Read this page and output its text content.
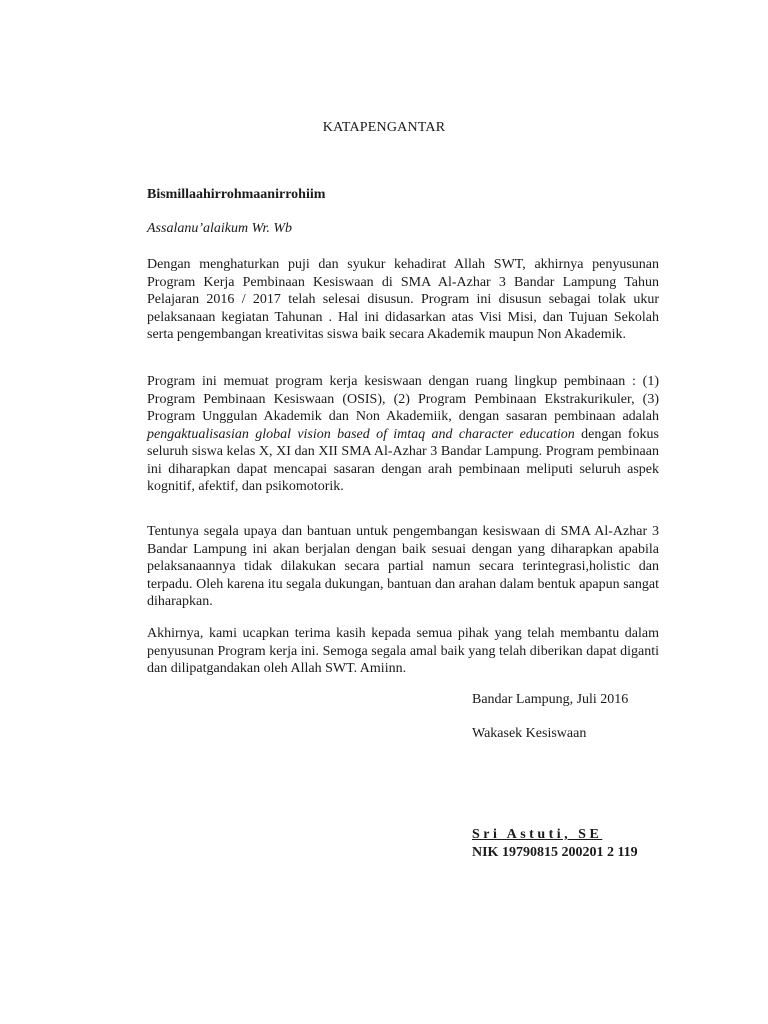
KATAPENGANTAR
Bismillaahirrohmaanirrohiim
Assalanu’alaikum Wr. Wb

Dengan menghaturkan puji dan syukur kehadirat Allah SWT, akhirnya penyusunan Program Kerja Pembinaan Kesiswaan di SMA Al-Azhar 3 Bandar Lampung Tahun Pelajaran 2016 / 2017 telah selesai disusun. Program ini disusun sebagai tolak ukur pelaksanaan kegiatan Tahunan . Hal ini didasarkan atas Visi Misi, dan Tujuan Sekolah serta pengembangan kreativitas siswa baik secara Akademik maupun Non Akademik.

Program ini memuat program kerja kesiswaan dengan ruang lingkup pembinaan : (1) Program Pembinaan Kesiswaan (OSIS), (2) Program Pembinaan Ekstrakurikuler, (3) Program Unggulan Akademik dan Non Akademiik, dengan sasaran pembinaan adalah pengaktualisasian global vision based of imtaq and character education dengan fokus seluruh siswa kelas X, XI dan XII SMA Al-Azhar 3 Bandar Lampung. Program pembinaan ini diharapkan dapat mencapai sasaran dengan arah pembinaan meliputi seluruh aspek kognitif, afektif, dan psikomotorik.

Tentunya segala upaya dan bantuan untuk pengembangan kesiswaan di SMA Al-Azhar 3 Bandar Lampung ini akan berjalan dengan baik sesuai dengan yang diharapkan apabila pelaksanaannya tidak dilakukan secara partial namun secara terintegrasi,holistic dan terpadu. Oleh karena itu segala dukungan, bantuan dan arahan dalam bentuk apapun sangat diharapkan.

Akhirnya, kami ucapkan terima kasih kepada semua pihak yang telah membantu dalam penyusunan Program kerja ini. Semoga segala amal baik yang telah diberikan dapat diganti dan dilipatgandakan oleh Allah SWT. Amiinn.

Bandar Lampung, Juli 2016
Wakasek Kesiswaan
Sri Astuti, SE
NIK 19790815 200201 2 119
